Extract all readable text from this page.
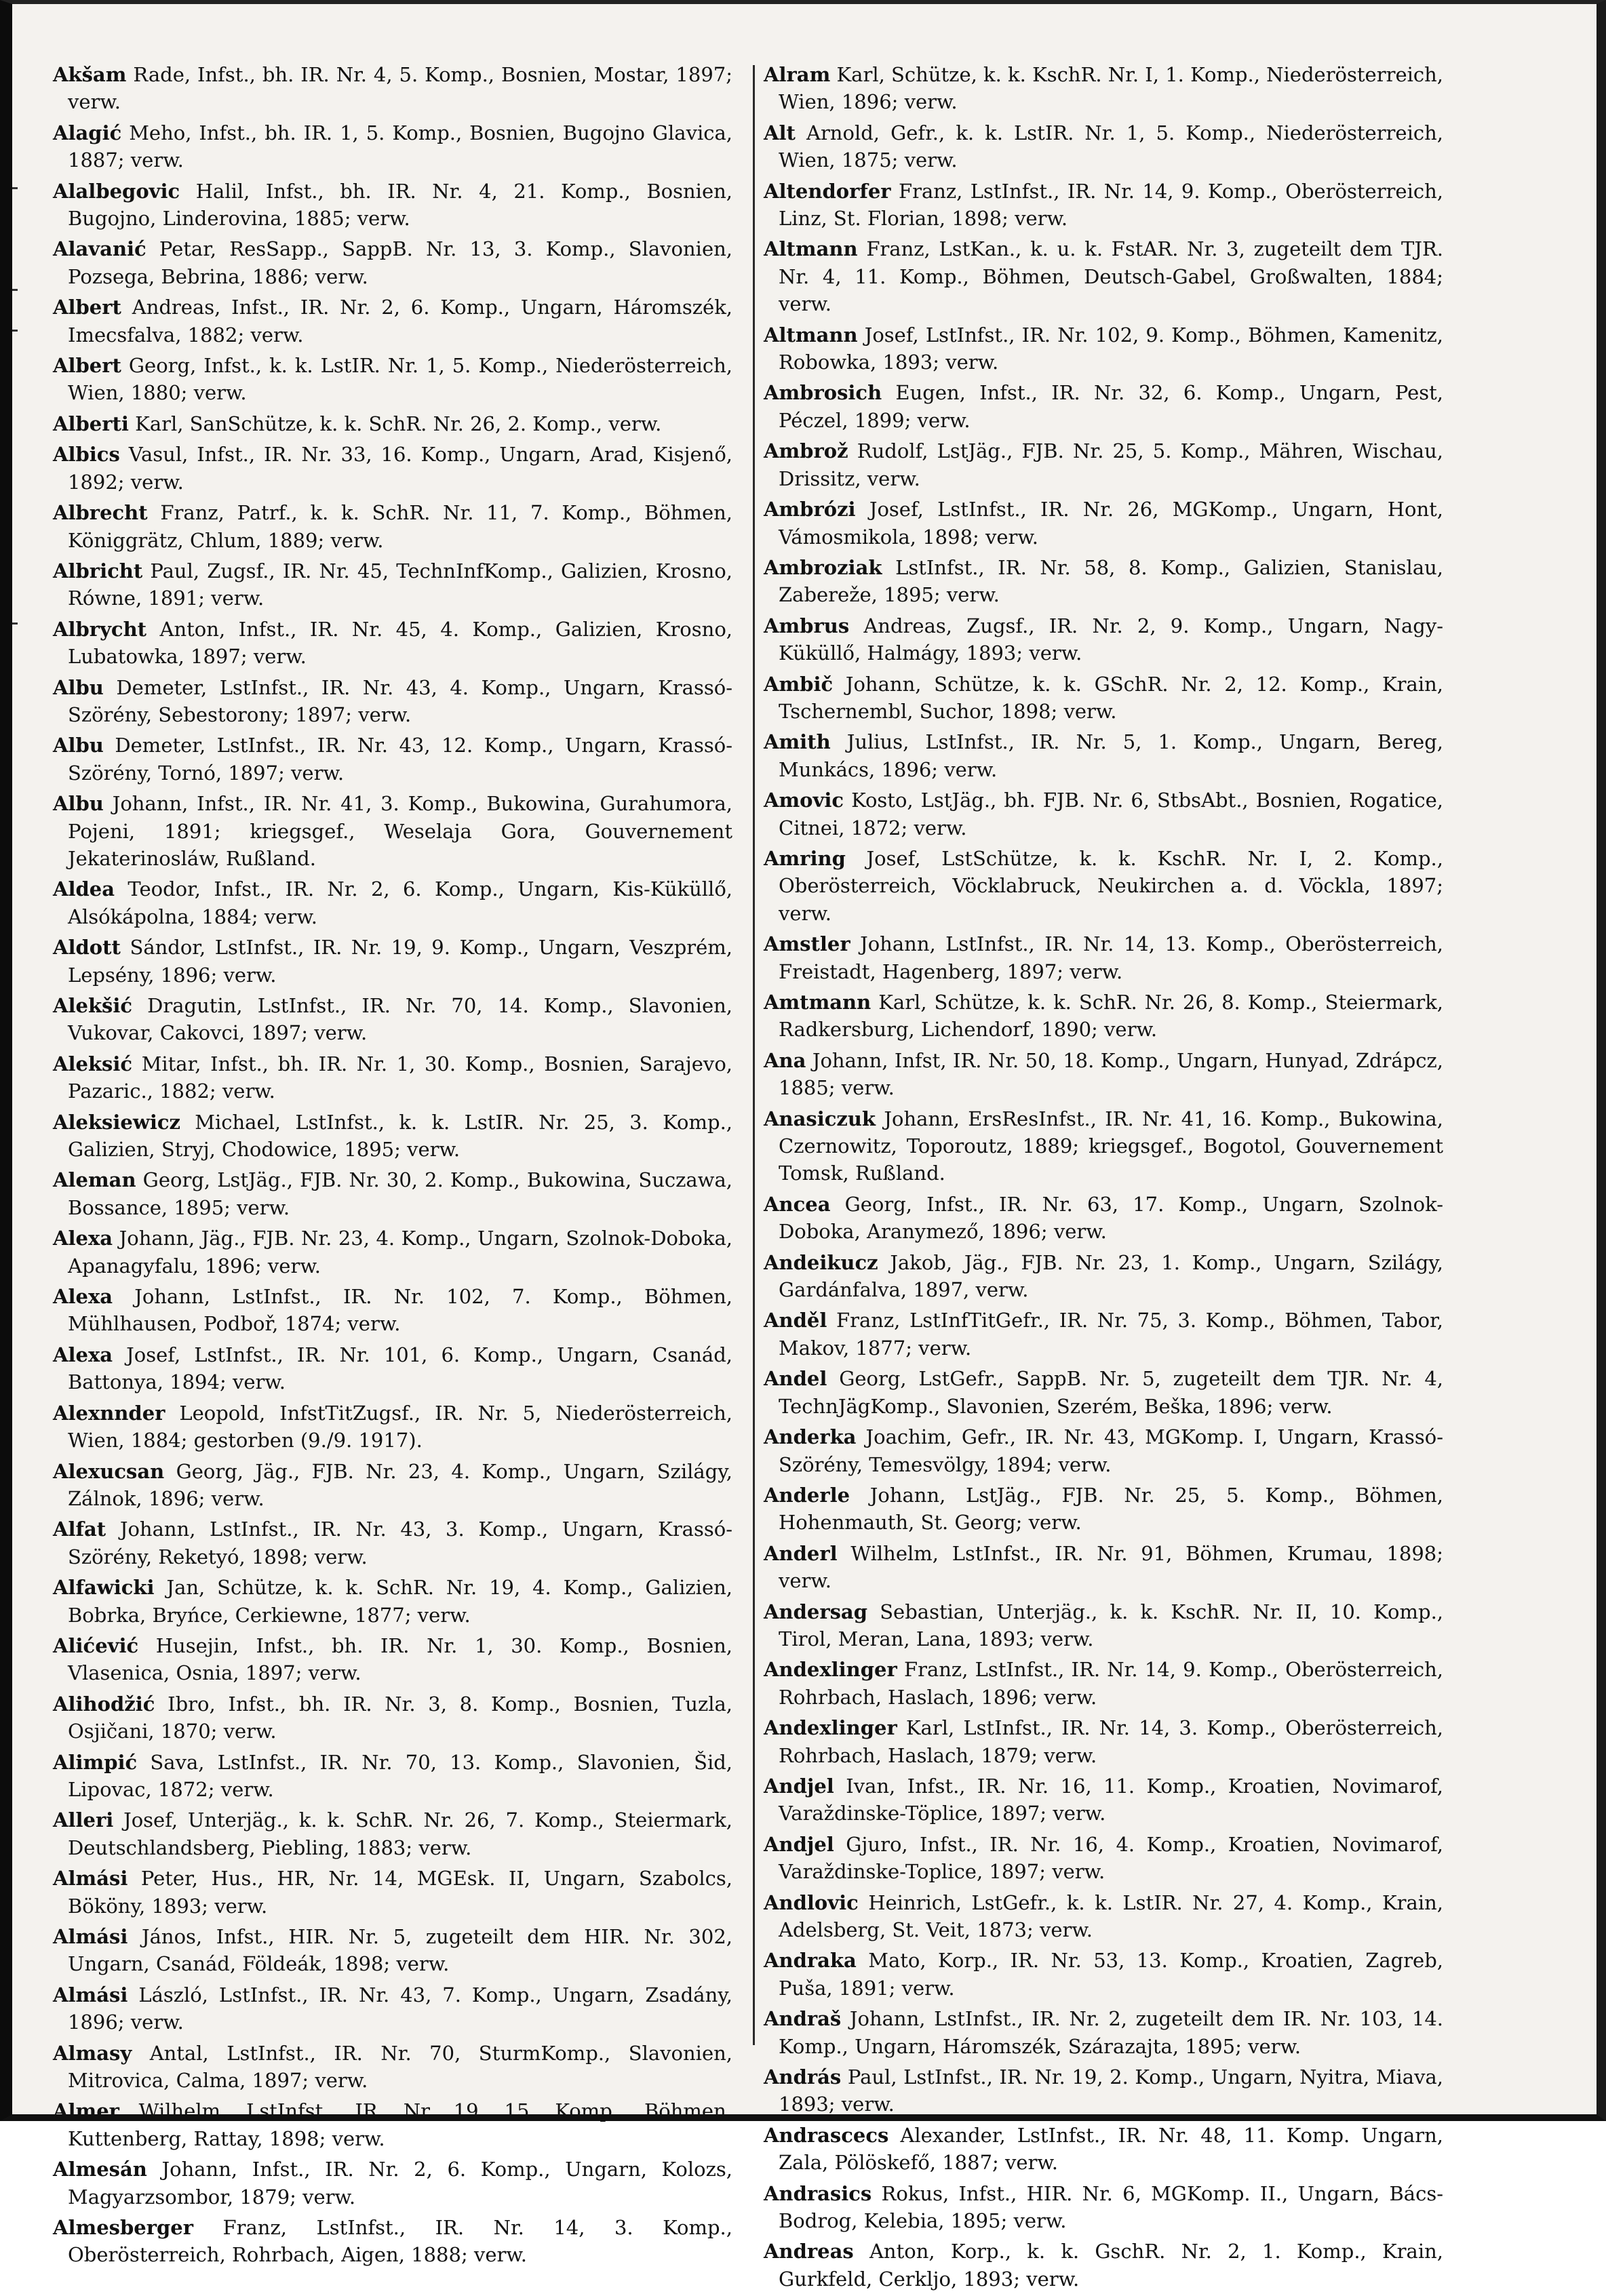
Akšam Rade, Infst., bh. IR. Nr. 4, 5. Komp., Bosnien, Mostar, 1897; verw.

Alagić Meho, Infst., bh. IR. 1, 5. Komp., Bosnien, Bugojno Glavica, 1887; verw.

Alalbegovic Halil, Infst., bh. IR. Nr. 4, 21. Komp., Bosnien, Bugojno, Linderovina, 1885; verw.

Alavanić Petar, ResSapp., SappB. Nr. 13, 3. Komp., Slavonien, Pozsega, Bebrina, 1886; verw.

Albert Andreas, Infst., IR. Nr. 2, 6. Komp., Ungarn, Háromszék, Imecsfalva, 1882; verw.

Albert Georg, Infst., k. k. LstIR. Nr. 1, 5. Komp., Niederösterreich, Wien, 1880; verw.

Alberti Karl, SanSchütze, k. k. SchR. Nr. 26, 2. Komp., verw.

Albics Vasul, Infst., IR. Nr. 33, 16. Komp., Ungarn, Arad, Kisjenő, 1892; verw.

Albrecht Franz, Patrf., k. k. SchR. Nr. 11, 7. Komp., Böhmen, Königgrätz, Chlum, 1889; verw.

Albricht Paul, Zugsf., IR. Nr. 45, TechnInfKomp., Galizien, Krosno, Równe, 1891; verw.

Albrycht Anton, Infst., IR. Nr. 45, 4. Komp., Galizien, Krosno, Lubatowka, 1897; verw.

Albu Demeter, LstInfst., IR. Nr. 43, 4. Komp., Ungarn, Krassó-Szörény, Sebestorony; 1897; verw.

Albu Demeter, LstInfst., IR. Nr. 43, 12. Komp., Ungarn, Krassó-Szörény, Tornó, 1897; verw.

Albu Johann, Infst., IR. Nr. 41, 3. Komp., Bukowina, Gurahumora, Pojeni, 1891; kriegsgef., Weselaja Gora, Gouvernement Jekaterinosláw, Rußland.

Aldea Teodor, Infst., IR. Nr. 2, 6. Komp., Ungarn, Kis-Küküllő, Alsókápolna, 1884; verw.

Aldott Sándor, LstInfst., IR. Nr. 19, 9. Komp., Ungarn, Veszprém, Lepsény, 1896; verw.

Alekšić Dragutin, LstInfst., IR. Nr. 70, 14. Komp., Slavonien, Vukovar, Cakovci, 1897; verw.

Aleksić Mitar, Infst., bh. IR. Nr. 1, 30. Komp., Bosnien, Sarajevo, Pazaric., 1882; verw.

Aleksiewicz Michael, LstInfst., k. k. LstIR. Nr. 25, 3. Komp., Galizien, Stryj, Chodowice, 1895; verw.

Aleman Georg, LstJäg., FJB. Nr. 30, 2. Komp., Bukowina, Suczawa, Bossance, 1895; verw.

Alexa Johann, Jäg., FJB. Nr. 23, 4. Komp., Ungarn, Szolnok-Doboka, Apanagyfalu, 1896; verw.

Alexa Johann, LstInfst., IR. Nr. 102, 7. Komp., Böhmen, Mühlhausen, Podboř, 1874; verw.

Alexa Josef, LstInfst., IR. Nr. 101, 6. Komp., Ungarn, Csanád, Battonya, 1894; verw.

Alexnnder Leopold, InfstTitZugsf., IR. Nr. 5, Niederösterreich, Wien, 1884; gestorben (9./9. 1917).

Alexucsan Georg, Jäg., FJB. Nr. 23, 4. Komp., Ungarn, Szilágy, Zálnok, 1896; verw.

Alfat Johann, LstInfst., IR. Nr. 43, 3. Komp., Ungarn, Krassó-Szörény, Reketyó, 1898; verw.

Alfawicki Jan, Schütze, k. k. SchR. Nr. 19, 4. Komp., Galizien, Bobrka, Bryńce, Cerkiewne, 1877; verw.

Alićević Husejin, Infst., bh. IR. Nr. 1, 30. Komp., Bosnien, Vlasenica, Osnia, 1897; verw.

Alihodžić Ibro, Infst., bh. IR. Nr. 3, 8. Komp., Bosnien, Tuzla, Osjičani, 1870; verw.

Alimpić Sava, LstInfst., IR. Nr. 70, 13. Komp., Slavonien, Šid, Lipovac, 1872; verw.

Alleri Josef, Unterjäg., k. k. SchR. Nr. 26, 7. Komp., Steiermark, Deutschlandsberg, Piebling, 1883; verw.

Almási Peter, Hus., HR, Nr. 14, MGEsk. II, Ungarn, Szabolcs, Bököny, 1893; verw.

Almási János, Infst., HIR. Nr. 5, zugeteilt dem HIR. Nr. 302, Ungarn, Csanád, Földeák, 1898; verw.

Almási László, LstInfst., IR. Nr. 43, 7. Komp., Ungarn, Zsadány, 1896; verw.

Almasy Antal, LstInfst., IR. Nr. 70, SturmKomp., Slavonien, Mitrovica, Calma, 1897; verw.

Almer Wilhelm, LstInfst., IR. Nr. 19, 15. Komp., Böhmen, Kuttenberg, Rattay, 1898; verw.

Almesán Johann, Infst., IR. Nr. 2, 6. Komp., Ungarn, Kolozs, Magyarzsombor, 1879; verw.

Almesberger Franz, LstInfst., IR. Nr. 14, 3. Komp., Oberösterreich, Rohrbach, Aigen, 1888; verw.

Alram Karl, Schütze, k. k. KschR. Nr. I, 1. Komp., Niederösterreich, Wien, 1896; verw.

Alt Arnold, Gefr., k. k. LstIR. Nr. 1, 5. Komp., Niederösterreich, Wien, 1875; verw.

Altendorfer Franz, LstInfst., IR. Nr. 14, 9. Komp., Oberösterreich, Linz, St. Florian, 1898; verw.

Altmann Franz, LstKan., k. u. k. FstAR. Nr. 3, zugeteilt dem TJR. Nr. 4, 11. Komp., Böhmen, Deutsch-Gabel, Großwalten, 1884; verw.

Altmann Josef, LstInfst., IR. Nr. 102, 9. Komp., Böhmen, Kamenitz, Robowka, 1893; verw.

Ambrosich Eugen, Infst., IR. Nr. 32, 6. Komp., Ungarn, Pest, Péczel, 1899; verw.

Ambrož Rudolf, LstJäg., FJB. Nr. 25, 5. Komp., Mähren, Wischau, Drissitz, verw.

Ambrózi Josef, LstInfst., IR. Nr. 26, MGKomp., Ungarn, Hont, Vámosmikola, 1898; verw.

Ambroziak LstInfst., IR. Nr. 58, 8. Komp., Galizien, Stanislau, Zabereže, 1895; verw.

Ambrus Andreas, Zugsf., IR. Nr. 2, 9. Komp., Ungarn, Nagy-Küküllő, Halmágy, 1893; verw.

Ambič Johann, Schütze, k. k. GSchR. Nr. 2, 12. Komp., Krain, Tschernembl, Suchor, 1898; verw.

Amith Julius, LstInfst., IR. Nr. 5, 1. Komp., Ungarn, Bereg, Munkács, 1896; verw.

Amovic Kosto, LstJäg., bh. FJB. Nr. 6, StbsAbt., Bosnien, Rogatice, Citnei, 1872; verw.

Amring Josef, LstSchütze, k. k. KschR. Nr. I, 2. Komp., Oberösterreich, Vöcklabruck, Neukirchen a. d. Vöckla, 1897; verw.

Amstler Johann, LstInfst., IR. Nr. 14, 13. Komp., Oberösterreich, Freistadt, Hagenberg, 1897; verw.

Amtmann Karl, Schütze, k. k. SchR. Nr. 26, 8. Komp., Steiermark, Radkersburg, Lichendorf, 1890; verw.

Ana Johann, Infst, IR. Nr. 50, 18. Komp., Ungarn, Hunyad, Zdrápcz, 1885; verw.

Anasiczuk Johann, ErsResInfst., IR. Nr. 41, 16. Komp., Bukowina, Czernowitz, Toporoutz, 1889; kriegsgef., Bogotol, Gouvernement Tomsk, Rußland.

Ancea Georg, Infst., IR. Nr. 63, 17. Komp., Ungarn, Szolnok-Doboka, Aranymező, 1896; verw.

Andeikucz Jakob, Jäg., FJB. Nr. 23, 1. Komp., Ungarn, Szilágy, Gardánfalva, 1897, verw.

Anděl Franz, LstInfTitGefr., IR. Nr. 75, 3. Komp., Böhmen, Tabor, Makov, 1877; verw.

Andel Georg, LstGefr., SappB. Nr. 5, zugeteilt dem TJR. Nr. 4, TechnJägKomp., Slavonien, Szerém, Beška, 1896; verw.

Anderka Joachim, Gefr., IR. Nr. 43, MGKomp. I, Ungarn, Krassó-Szörény, Temesvölgy, 1894; verw.

Anderle Johann, LstJäg., FJB. Nr. 25, 5. Komp., Böhmen, Hohenmauth, St. Georg; verw.

Anderl Wilhelm, LstInfst., IR. Nr. 91, Böhmen, Krumau, 1898; verw.

Andersag Sebastian, Unterjäg., k. k. KschR. Nr. II, 10. Komp., Tirol, Meran, Lana, 1893; verw.

Andexlinger Franz, LstInfst., IR. Nr. 14, 9. Komp., Oberösterreich, Rohrbach, Haslach, 1896; verw.

Andexlinger Karl, LstInfst., IR. Nr. 14, 3. Komp., Oberösterreich, Rohrbach, Haslach, 1879; verw.

Andjel Ivan, Infst., IR. Nr. 16, 11. Komp., Kroatien, Novimarof, Varaždinske-Töplice, 1897; verw.

Andjel Gjuro, Infst., IR. Nr. 16, 4. Komp., Kroatien, Novimarof, Varaždinske-Toplice, 1897; verw.

Andlovic Heinrich, LstGefr., k. k. LstIR. Nr. 27, 4. Komp., Krain, Adelsberg, St. Veit, 1873; verw.

Andraka Mato, Korp., IR. Nr. 53, 13. Komp., Kroatien, Zagreb, Puša, 1891; verw.

Andraš Johann, LstInfst., IR. Nr. 2, zugeteilt dem IR. Nr. 103, 14. Komp., Ungarn, Háromszék, Szárazajta, 1895; verw.

András Paul, LstInfst., IR. Nr. 19, 2. Komp., Ungarn, Nyitra, Miava, 1893; verw.

Andrascecs Alexander, LstInfst., IR. Nr. 48, 11. Komp. Ungarn, Zala, Pölöskefő, 1887; verw.

Andrasics Rokus, Infst., HIR. Nr. 6, MGKomp. II., Ungarn, Bács-Bodrog, Kelebia, 1895; verw.

Andreas Anton, Korp., k. k. GschR. Nr. 2, 1. Komp., Krain, Gurkfeld, Cerkljo, 1893; verw.
